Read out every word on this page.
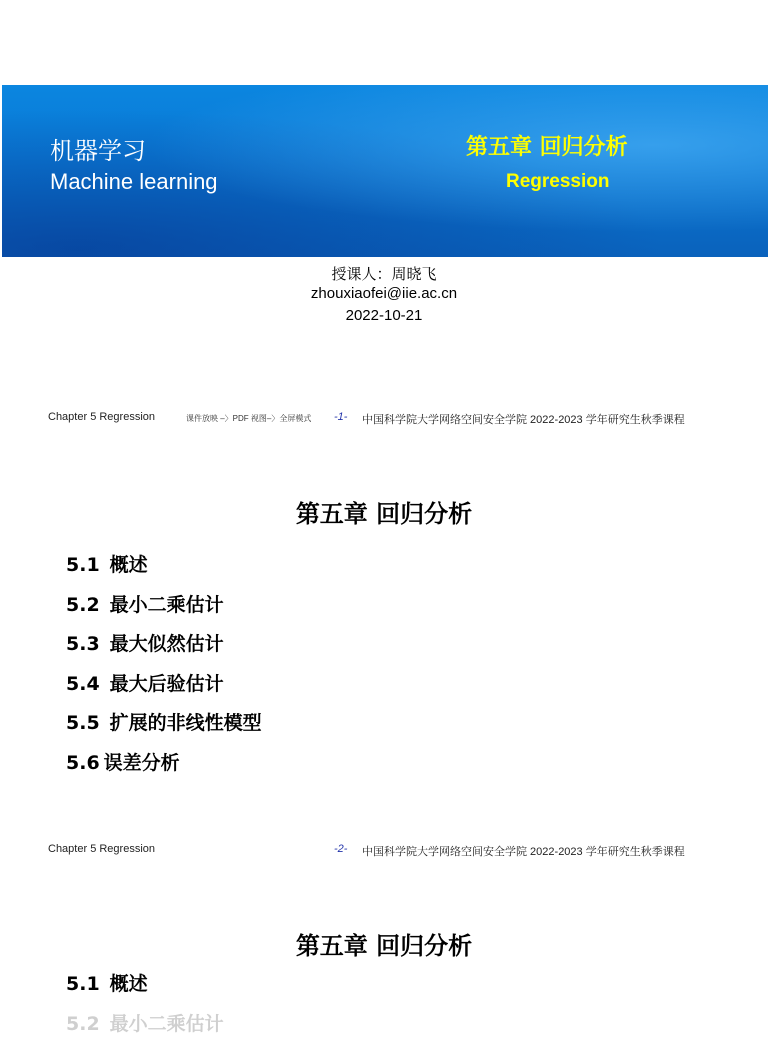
机器学习
Machine learning
第五章 回归分析
Regression
授课人：周晓飞
zhouxiaofei@iie.ac.cn
2022-10-21
Chapter 5 Regression	课件放映 –〉PDF 视图–〉全屏模式 -1- 中国科学院大学网络空间安全学院 2022-2023 学年研究生秋季课程
第五章 回归分析
5.1 概述
5.2 最小二乘估计
5.3 最大似然估计
5.4 最大后验估计
5.5 扩展的非线性模型
5.6 误差分析
Chapter 5 Regression	-2- 中国科学院大学网络空间安全学院 2022-2023 学年研究生秋季课程
第五章 回归分析
5.1 概述
5.2 最小二乘估计
